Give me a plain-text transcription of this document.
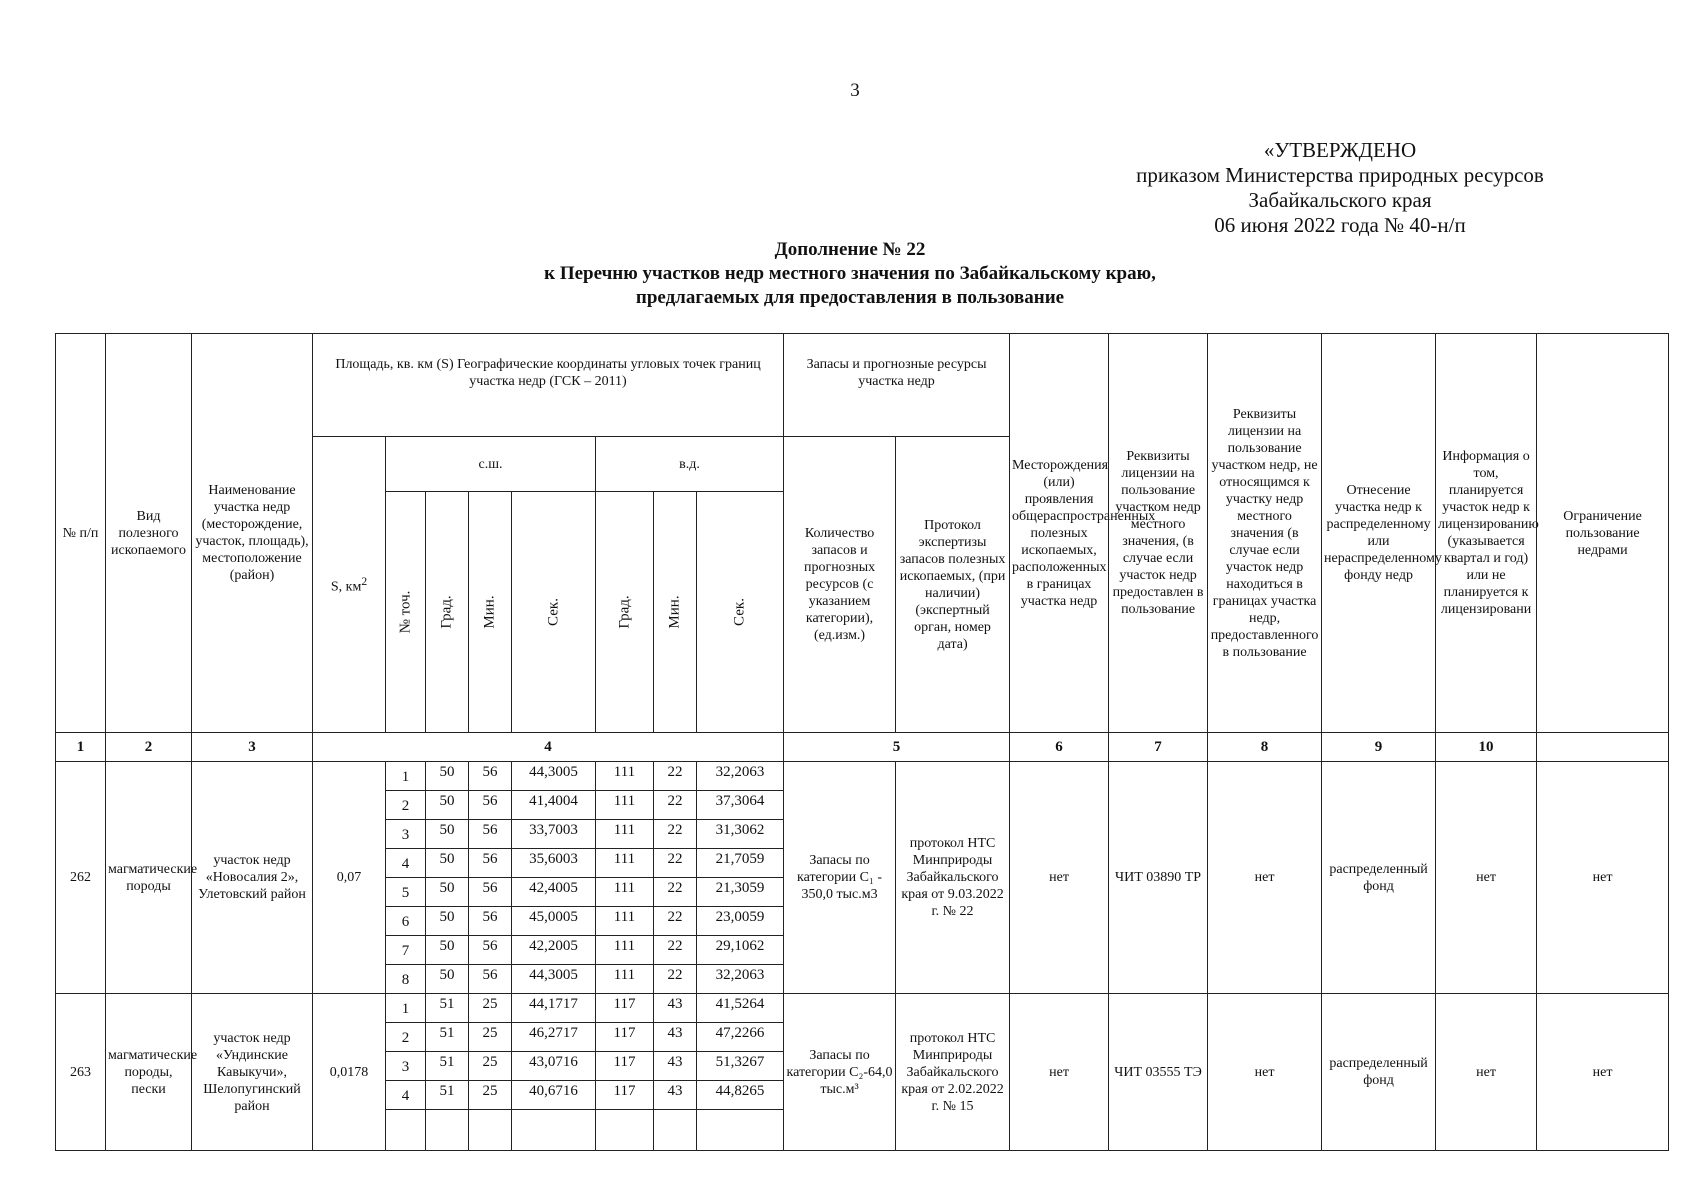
3
«УТВЕРЖДЕНО
приказом Министерства природных ресурсов
Забайкальского края
06 июня 2022 года № 40-н/п
Дополнение № 22
к Перечню участков недр местного значения по Забайкальскому краю,
предлагаемых для предоставления в пользование
№ п/п	Вид полезного ископаемого	Наименование участка недр (месторождение, участок, площадь), местоположение (район)	Площадь, кв. км (S) Географические координаты угловых точек границ участка недр (ГСК – 2011)								Запасы и прогнозные ресурсы участка недр		Месторождения (или) проявления общераспространенных полезных ископаемых, расположенных в границах участка недр	Реквизиты лицензии на пользование участком недр местного значения, (в случае если участок недр предоставлен в пользование	Реквизиты лицензии на пользование участком недр, не относящимся к участку недр местного значения (в случае если участок недр находиться в границах участка недр, предоставленного в пользование	Отнесение участка недр к распределенному или нераспределенному фонду недр	Информация о том, планируется участок недр к лицензированию (указывается квартал и год) или не планируется к лицензировани	Ограничение пользование недрами
			S, $км^2$	с.ш.				в.д.			Количество запасов и прогнозных ресурсов (с указанием категории), (ед.изм.)	Протокол экспертизы запасов полезных ископаемых, (при наличии) (экспертный орган, номер дата)						

				№ точ.	Град.	Мин.	Сек.	Град.	Мин.	Сек.								

1	2	3	4								5		6	7	8	9	10	
262	магматические породы	участок недр «Новосалия 2», Улетовский район	0,07	1	50	56	44,3005	111	22	32,2063	Запасы по категории С₁ - 350,0 тыс.м3	протокол НТС Минприроды Забайкальского края от 9.03.2022 г. № 22	нет	ЧИТ 03890 ТР	нет	распределенный фонд	нет	нет
				2	50	56	41,4004	111	22	37,3064								
				3	50	56	33,7003	111	22	31,3062								
				4	50	56	35,6003	111	22	21,7059								
				5	50	56	42,4005	111	22	21,3059								
				6	50	56	45,0005	111	22	23,0059								
				7	50	56	42,2005	111	22	29,1062								
				8	50	56	44,3005	111	22	32,2063								
263	магматические породы, пески	участок недр «Ундинские Кавыкучи», Шелопугинский район	0,0178	1	51	25	44,1717	117	43	41,5264	Запасы по категории С₂-64,0 тыс.м³	протокол НТС Минприроды Забайкальского края от 2.02.2022 г. № 15	нет	ЧИТ 03555 ТЭ	нет	распределенный фонд	нет	нет
				2	51	25	46,2717	117	43	47,2266								
				3	51	25	43,0716	117	43	51,3267								
				4	51	25	40,6716	117	43	44,8265								
